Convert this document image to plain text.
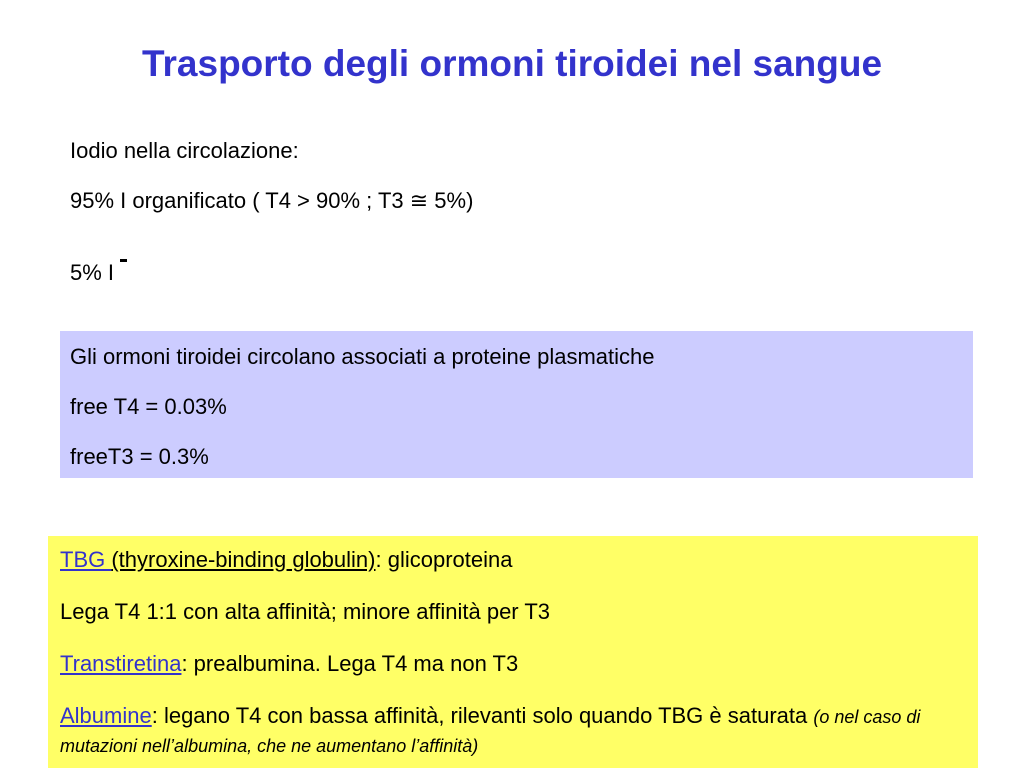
Trasporto degli ormoni tiroidei nel sangue

Iodio nella circolazione:

95% I organificato ( T4 > 90% ; T3 ≅ 5%)

5% I

Gli ormoni tiroidei circolano associati a proteine plasmatiche

free T4 = 0.03%

freeT3 = 0.3%

TBG (thyroxine-binding globulin): glicoproteina

Lega T4 1:1 con alta affinità; minore affinità per T3

Transtiretina: prealbumina. Lega T4 ma non T3

Albumine: legano T4 con bassa affinità, rilevanti solo quando TBG è saturata (o nel caso di mutazioni nell’albumina, che ne aumentano l’affinità)
